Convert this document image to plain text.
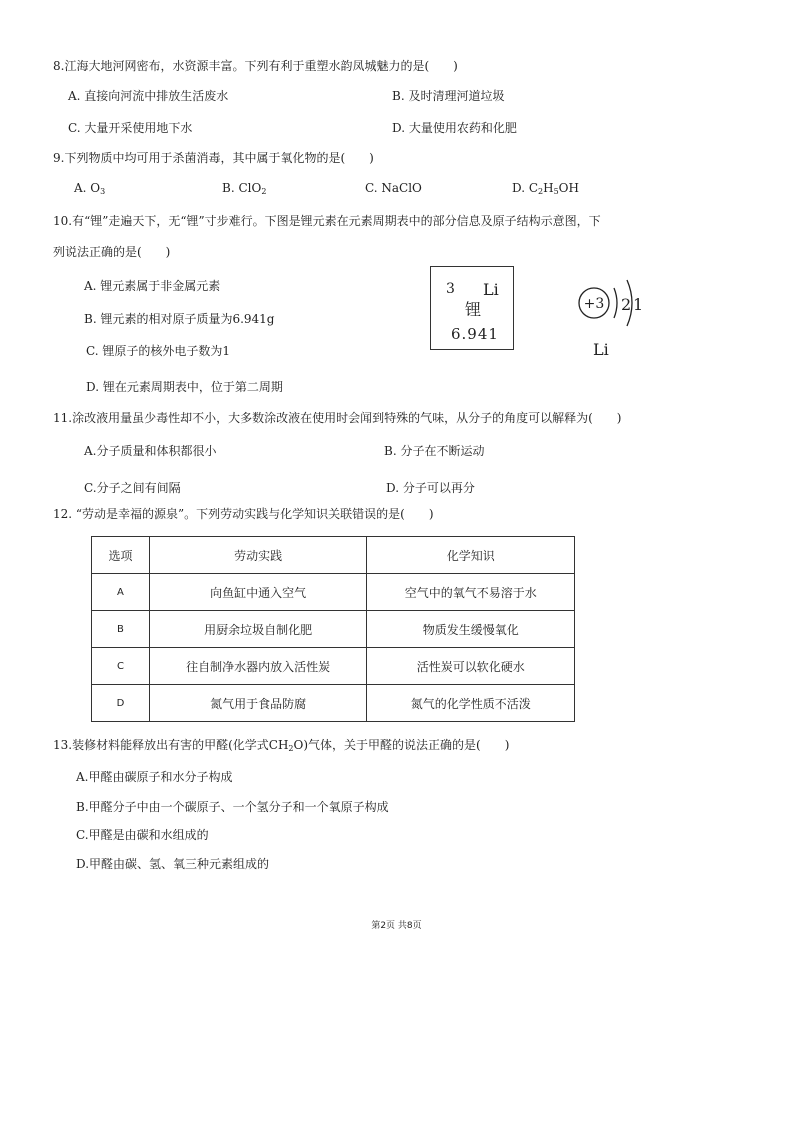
8.江海大地河网密布，水资源丰富。下列有利于重塑水韵凤城魅力的是(　　)
A. 直接向河流中排放生活废水	B. 及时清理河道垃圾
C. 大量开采使用地下水	D. 大量使用农药和化肥
9.下列物质中均可用于杀菌消毒，其中属于氧化物的是(　　)
A. $O_3$	B. ClO$_2$	C. NaClO	D. $C_2H_5OH$
10.有“锂”走遍天下，无“锂”寸步难行。下图是锂元素在元素周期表中的部分信息及原子结构示意图，下
列说法正确的是(　　)
A. 锂元素属于非金属元素
B. 锂元素的相对原子质量为6.941g
C. 锂原子的核外电子数为1
D. 锂在元素周期表中，位于第二周期
3 Li
锂
6.941
+3 2 1
Li
11.涂改液用量虽少毒性却不小，大多数涂改液在使用时会闻到特殊的气味，从分子的角度可以解释为(　　)
A.分子质量和体积都很小	B. 分子在不断运动
C.分子之间有间隔	D. 分子可以再分
12. “劳动是幸福的源泉”。下列劳动实践与化学知识关联错误的是(　　)
选项	劳动实践	化学知识
A	向鱼缸中通入空气	空气中的氧气不易溶于水
B	用厨余垃圾自制化肥	物质发生缓慢氧化
C	往自制净水器内放入活性炭	活性炭可以软化硬水
D	氮气用于食品防腐	氮气的化学性质不活泼
13.装修材料能释放出有害的甲醛(化学式$CH_2O$)气体，关于甲醛的说法正确的是(　　)
A.甲醛由碳原子和水分子构成
B.甲醛分子中由一个碳原子、一个氢分子和一个氧原子构成
C.甲醛是由碳和水组成的
D.甲醛由碳、氢、氧三种元素组成的
第2页 共8页
